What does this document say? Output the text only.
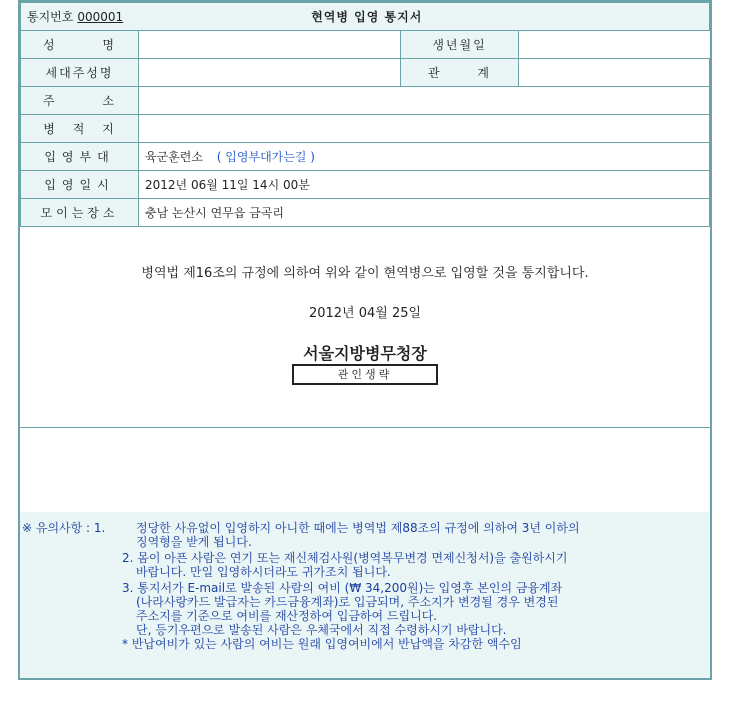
통지번호 000001	현역병 입영 통지서		
성 명		생년월일	
세대주성명		관 계	
주 소			
병 적 지			
입영부대	육군훈련소 ( 입영부대가는길 )		
입영일시	2012년 06월 11일 14시 00분		
모이는장소	충남 논산시 연무읍 금곡리		
병역법 제16조의 규정에 의하여 위와 같이 현역병으로 입영할 것을 통지합니다.
2012년 04월 25일
서울지방병무청장
관인생략
※ 유의사항 : 1.	정당한 사유없이 입영하지 아니한 때에는 병역법 제88조의 규정에 의하여 3년 이하의
징역형을 받게 됩니다.
2. 몸이 아픈 사람은 연기 또는 재신체검사원(병역복무변경 면제신청서)을 출원하시기
바랍니다. 만일 입영하시더라도 귀가조치 됩니다.
3. 통지서가 E-mail로 발송된 사람의 여비 (₩ 34,200원)는 입영후 본인의 금융계좌
(나라사랑카드 발급자는 카드금융계좌)로 입금되며, 주소지가 변경될 경우 변경된
주소지를 기준으로 여비를 재산정하여 입금하여 드립니다.
단, 등기우편으로 발송된 사람은 우체국에서 직접 수령하시기 바랍니다.
* 반납여비가 있는 사람의 여비는 원래 입영여비에서 반납액을 차감한 액수임
